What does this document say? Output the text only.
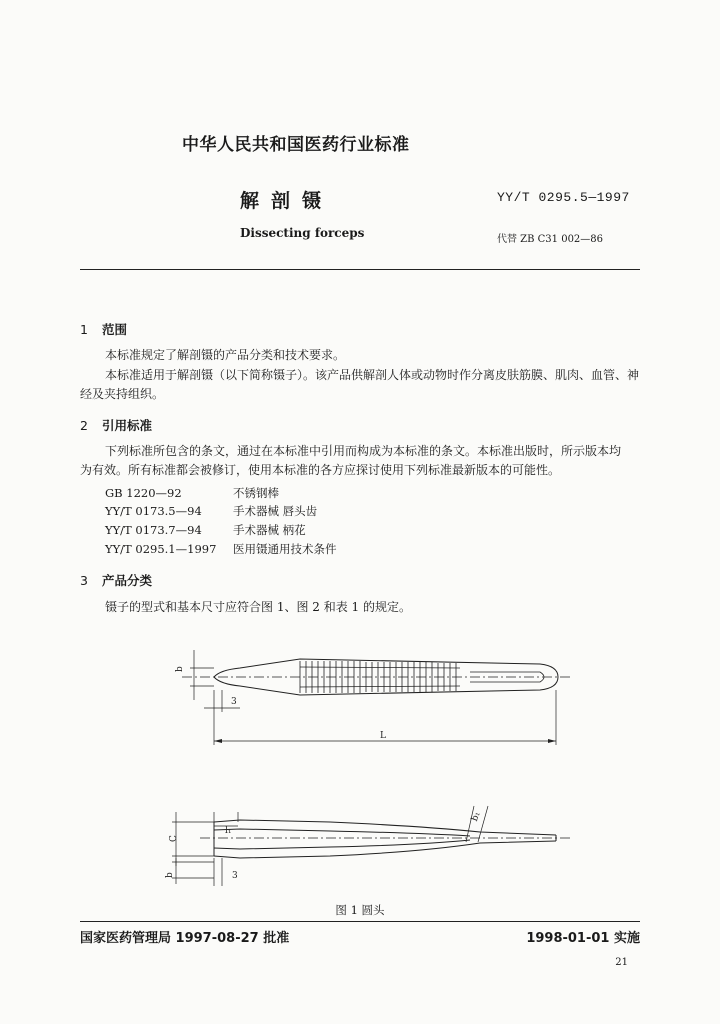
中华人民共和国医药行业标准
解剖镊
Dissecting forceps
YY/T 0295.5—1997
代替 ZB C31 002—86
1 范围
本标准规定了解剖镊的产品分类和技术要求。
本标准适用于解剖镊（以下简称镊子）。该产品供解剖人体或动物时作分离皮肤筋膜、肌肉、血管、神
经及夹持组织。
2 引用标准
下列标准所包含的条文，通过在本标准中引用而构成为本标准的条文。本标准出版时，所示版本均
为有效。所有标准都会被修订，使用本标准的各方应探讨使用下列标准最新版本的可能性。
GB 1220—92	不锈钢棒
YY/T 0173.5—94	手术器械 唇头齿
YY/T 0173.7—94	手术器械 柄花
YY/T 0295.1—1997 医用镊通用技术条件
3 产品分类
镊子的型式和基本尺寸应符合图 1、图 2 和表 1 的规定。
L
3
b
C
l₁
b₁
b	3
图 1 圆头
国家医药管理局 1997-08-27 批准	1998-01-01 实施
21
